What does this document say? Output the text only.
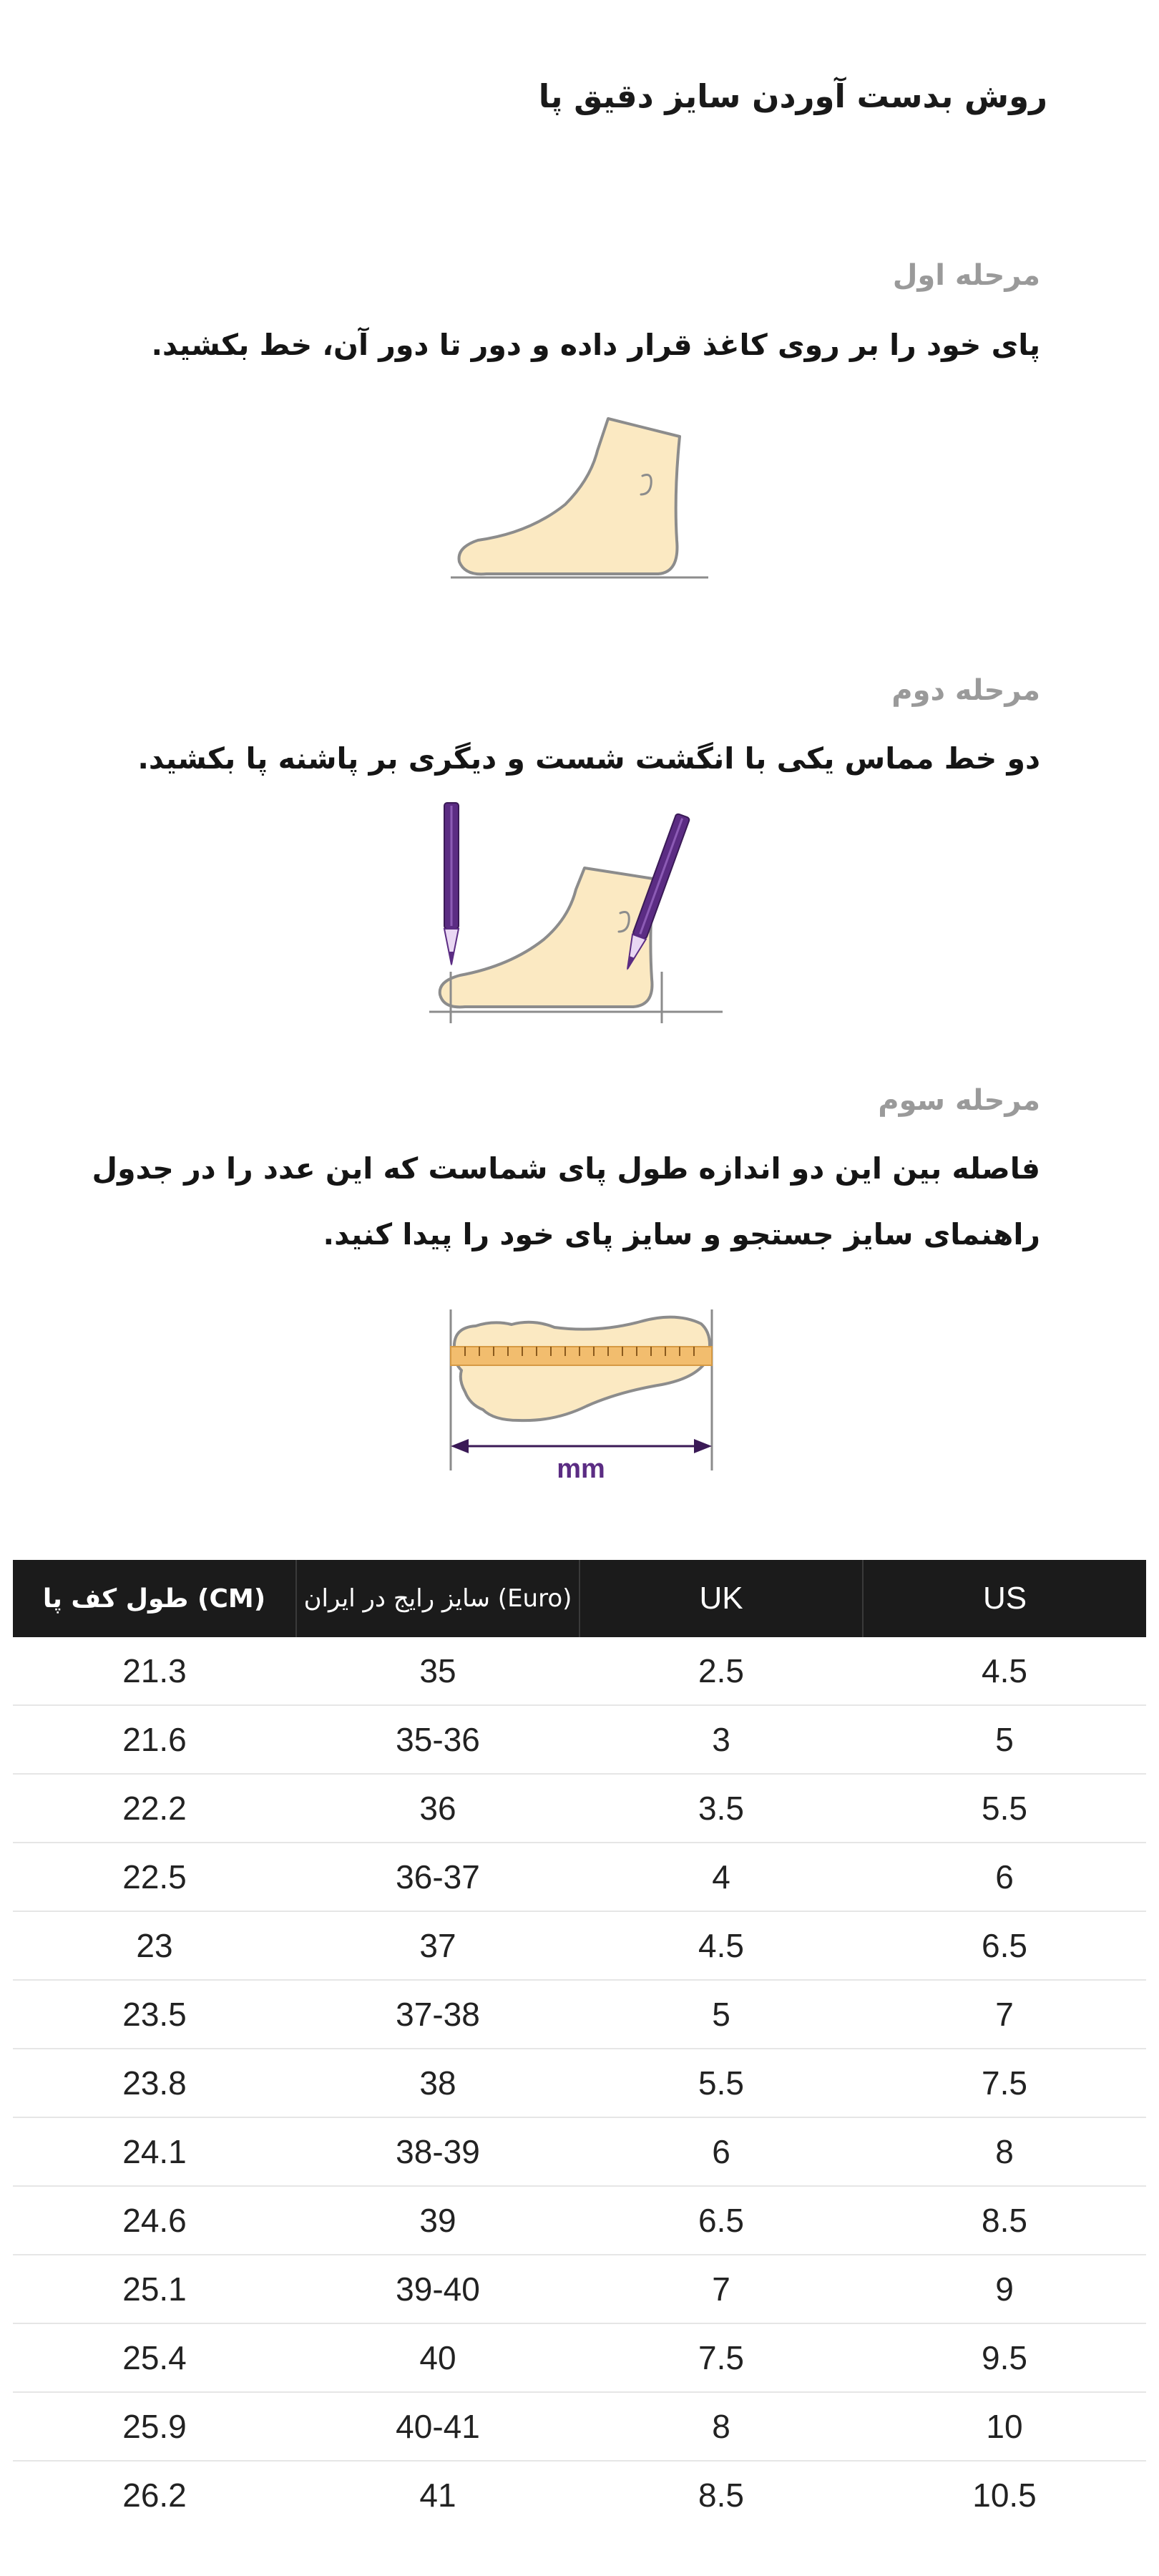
روش بدست آوردن سایز دقیق پا
مرحله اول
پای خود را بر روی کاغذ قرار داده و دور تا دور آن، خط بکشید.
مرحله دوم
دو خط مماس یکی با انگشت شست و دیگری بر پاشنه پا بکشید.
مرحله سوم
فاصله بین این دو اندازه طول پای شماست که این عدد را در جدول
راهنمای سایز جستجو و سایز پای خود را پیدا کنید.
mm
طول کف پا (CM)	سایز رایج در ایران (Euro)	UK	US
21.3	35	2.5	4.5
21.6	35-36	3	5
22.2	36	3.5	5.5
22.5	36-37	4	6
23	37	4.5	6.5
23.5	37-38	5	7
23.8	38	5.5	7.5
24.1	38-39	6	8
24.6	39	6.5	8.5
25.1	39-40	7	9
25.4	40	7.5	9.5
25.9	40-41	8	10
26.2	41	8.5	10.5
